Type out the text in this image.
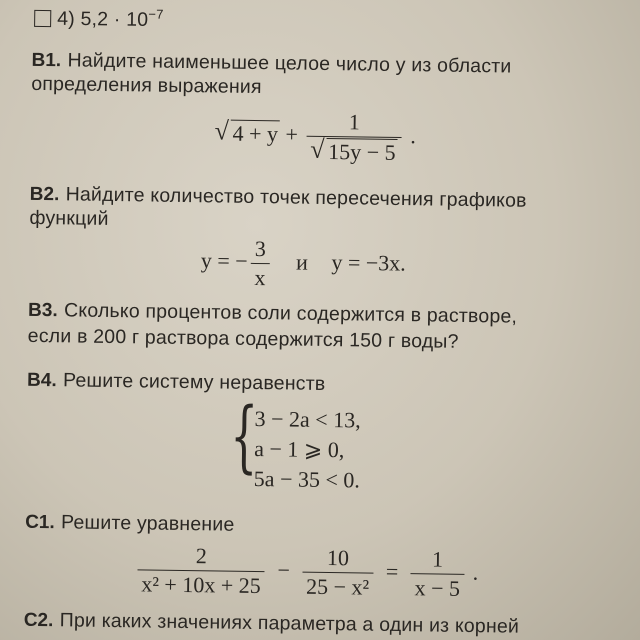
4) $5,2 \cdot 10^{-7}$
B1. Найдите наименьшее целое число y из области
определения выражения
√ $4 + y + \frac{1}{√ 15y - 5}$ .
B2. Найдите количество точек пересечения графиков
функций
y = − $\frac{3}{x}$ и y = −3x.
B3. Сколько процентов соли содержится в растворе,
если в 200 г раствора содержится 150 г воды?
B4. Решите систему неравенств
{
3 − 2a < 13,
a − 1 ⩾ 0,
5a − 35 < 0.
C1. Решите уравнение
$\frac{2}{\text{x² + 10x + 25}} - \frac{10}{\text{25 − x²}} = \frac{1}{x - 5}$ .
C2. При каких значениях параметра a один из корней
